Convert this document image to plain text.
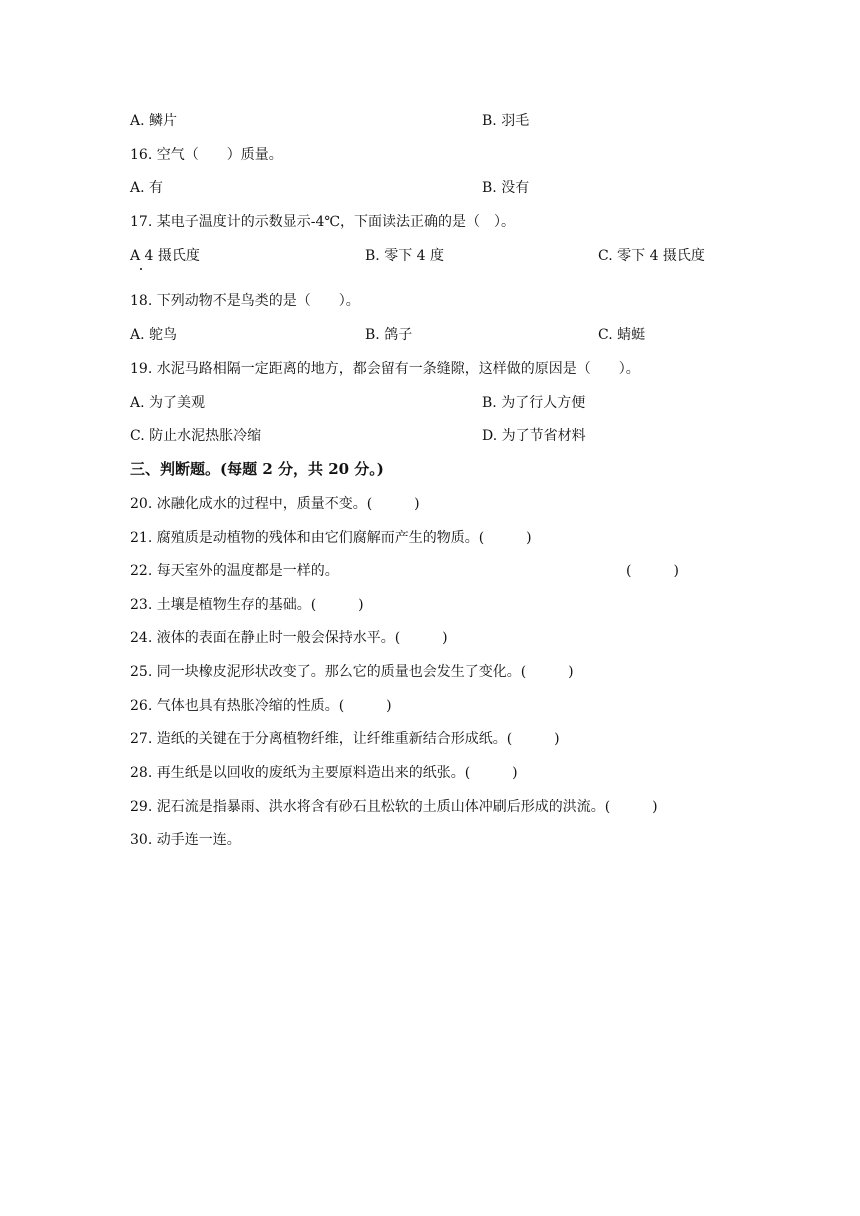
A. 鳞片	B. 羽毛
16. 空气（　　）质量。
A. 有	B. 没有
17. 某电子温度计的示数显示-4℃，下面读法正确的是（　）。
A 4 摄氏度	B. 零下 4 度	C. 零下 4 摄氏度
18. 下列动物不是鸟类的是（　　）。
A. 鸵鸟	B. 鸽子	C. 蜻蜓
19. 水泥马路相隔一定距离的地方，都会留有一条缝隙，这样做的原因是（　　）。
A. 为了美观	B. 为了行人方便
C. 防止水泥热胀冷缩	D. 为了节省材料
三、判断题。(每题 2 分，共 20 分。)
20. 冰融化成水的过程中，质量不变。(　　　)
21. 腐殖质是动植物的残体和由它们腐解而产生的物质。(　　　)
22. 每天室外的温度都是一样的。	(　　　)
23. 土壤是植物生存的基础。(　　　)
24. 液体的表面在静止时一般会保持水平。(　　　)
25. 同一块橡皮泥形状改变了。那么它的质量也会发生了变化。(　　　)
26. 气体也具有热胀冷缩的性质。(　　　)
27. 造纸的关键在于分离植物纤维，让纤维重新结合形成纸。(　　　)
28. 再生纸是以回收的废纸为主要原料造出来的纸张。(　　　)
29. 泥石流是指暴雨、洪水将含有砂石且松软的土质山体冲刷后形成的洪流。(　　　)
30. 动手连一连。
